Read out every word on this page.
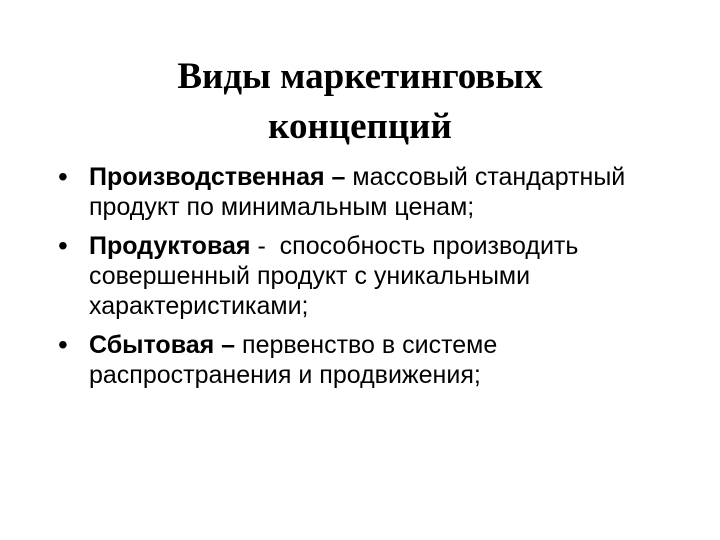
Виды маркетинговых
концепций
• Производственная – массовый стандартный продукт по минимальным ценам;
• Продуктовая -  способность производить совершенный продукт с уникальными характеристиками;
• Сбытовая – первенство в системе распространения и продвижения;
